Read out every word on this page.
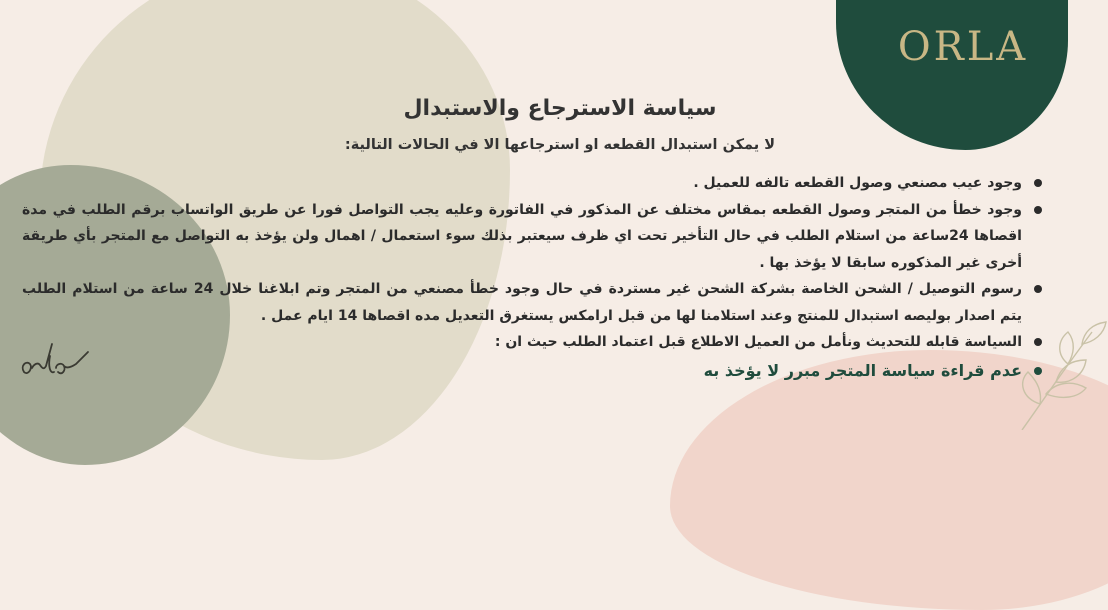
ORLA
سياسة الاسترجاع والاستبدال

لا يمكن استبدال القطعه او استرجاعها الا في الحالات التالية:

وجود عيب مصنعي وصول القطعه تالفه للعميل .
وجود خطأ من المتجر وصول القطعه بمقاس مختلف عن المذكور في الفاتورة وعليه يجب التواصل فورا عن طريق الواتساب برقم الطلب في مدة اقصاها 24ساعة من استلام الطلب في حال التأخير تحت اي ظرف سيعتبر بذلك سوء استعمال / اهمال ولن يؤخذ به التواصل مع المتجر بأي طريقة أخرى غير المذكوره سابقا لا يؤخذ بها .
رسوم التوصيل / الشحن الخاصة بشركة الشحن غير مستردة في حال وجود خطأ مصنعي من المتجر وتم ابلاغنا خلال 24 ساعة من استلام الطلب يتم اصدار بوليصه استبدال للمنتج وعند استلامنا لها من قبل ارامكس يستغرق التعديل مده اقصاها 14 ايام عمل .
السياسة قابله للتحديث ونأمل من العميل الاطلاع قبل اعتماد الطلب حيث ان :
عدم قراءة سياسة المتجر مبرر لا يؤخذ به
